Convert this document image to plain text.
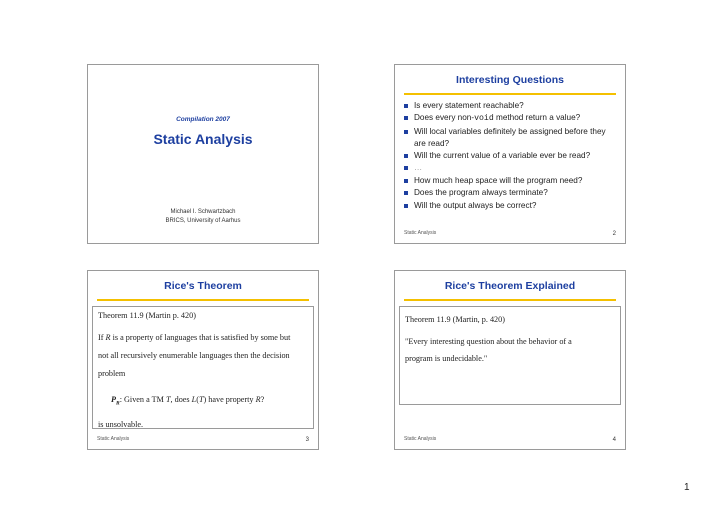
Compilation 2007
Static Analysis
Michael I. Schwartzbach
BRICS, University of Aarhus
Interesting Questions
Is every statement reachable?
Does every non-void method return a value?
Will local variables definitely be assigned before they are read?
Will the current value of a variable ever be read?
…
How much heap space will the program need?
Does the program always terminate?
Will the output always be correct?
Static Analysis	2
Rice's Theorem

Theorem 11.9 (Martin p. 420)

If R is a property of languages that is satisfied by some but

not all recursively enumerable languages then the decision

problem

$P_R$: Given a TM T, does L(T) have property R?

is unsolvable.

Static Analysis	3
Rice's Theorem Explained

Theorem 11.9 (Martin, p. 420)

"Every interesting question about the behavior of a

program is undecidable."

Static Analysis	4
1
